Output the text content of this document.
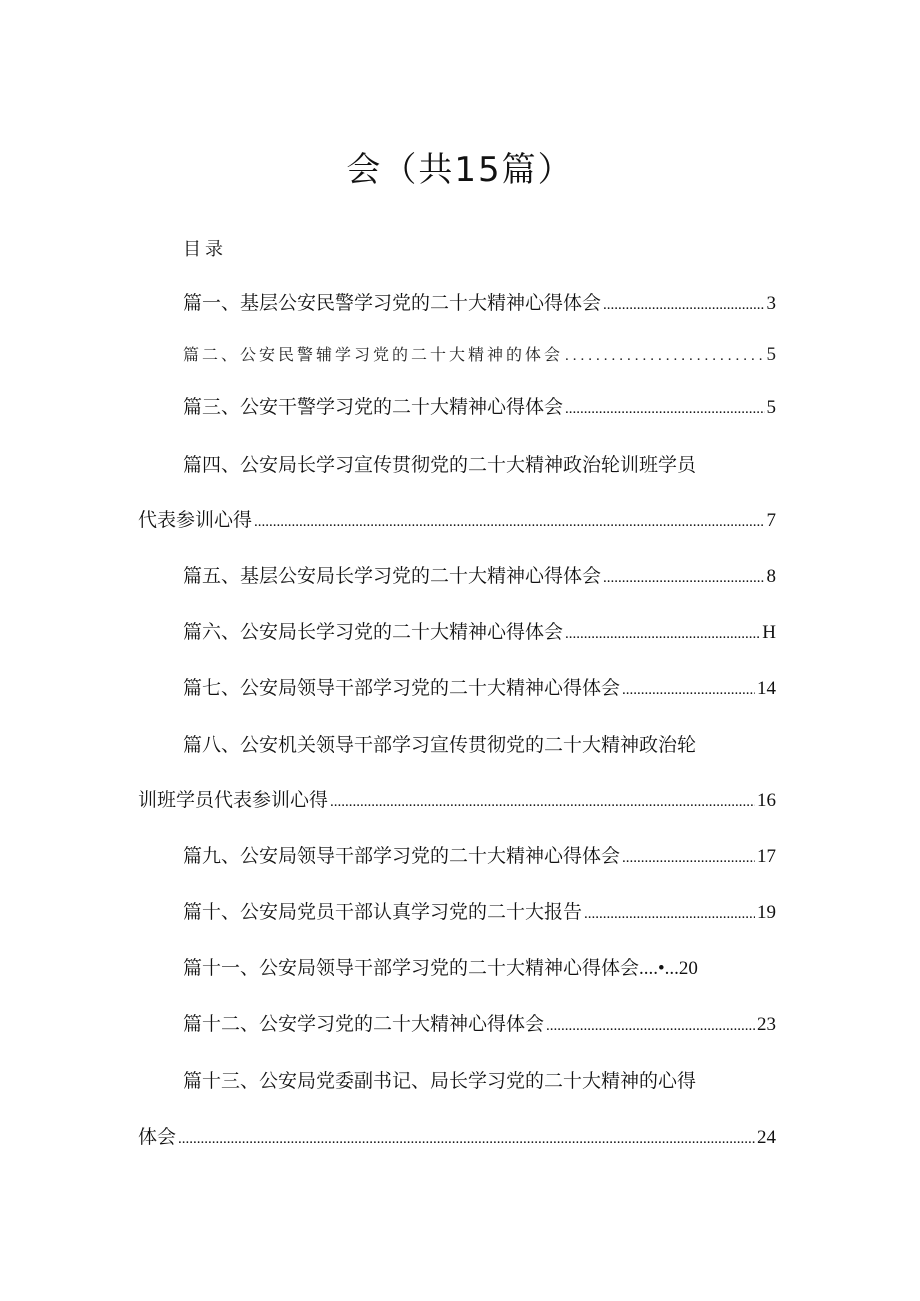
会（共15篇）
目录
篇一、基层公安民警学习党的二十大精神心得体会 .....	3
篇二、公安民警辅学习党的二十大精神的体会 .....	5
篇三、公安干警学习党的二十大精神心得体会 .....	5
篇四、公安局长学习宣传贯彻党的二十大精神政治轮训班学员
代表参训心得 .....	7
篇五、基层公安局长学习党的二十大精神心得体会 .....	8
篇六、公安局长学习党的二十大精神心得体会 .....	H
篇七、公安局领导干部学习党的二十大精神心得体会 .....	14
篇八、公安机关领导干部学习宣传贯彻党的二十大精神政治轮
训班学员代表参训心得 .....	16
篇九、公安局领导干部学习党的二十大精神心得体会 .....	17
篇十、公安局党员干部认真学习党的二十大报告 .....	19
篇十一、公安局领导干部学习党的二十大精神心得体会 ....•...20
篇十二、公安学习党的二十大精神心得体会 .....	23
篇十三、公安局党委副书记、局长学习党的二十大精神的心得
体会 .....	24
